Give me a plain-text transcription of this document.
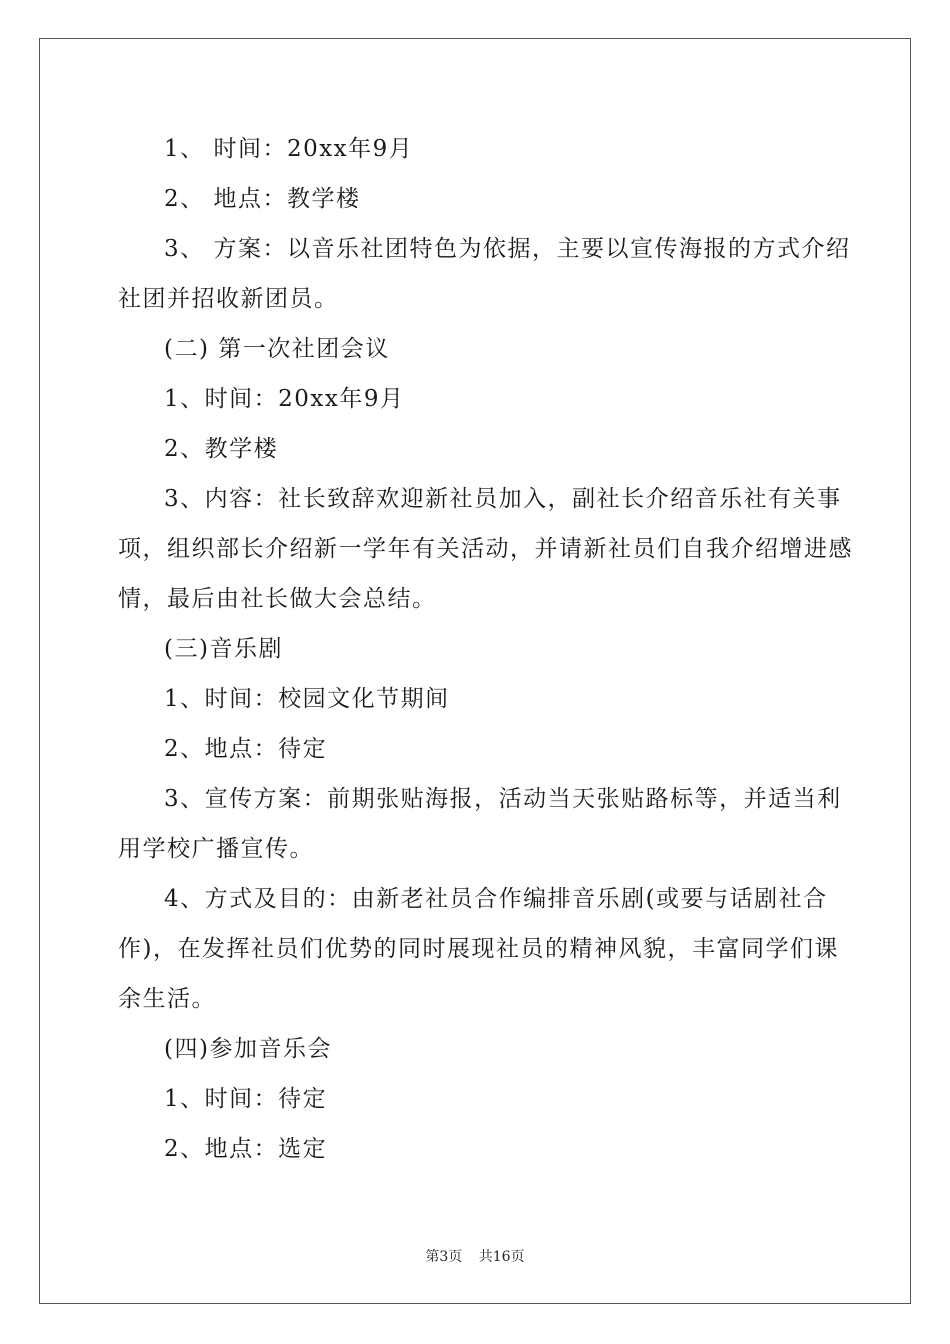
1、 时间：20xx年9月
2、 地点：教学楼
3、 方案：以音乐社团特色为依据，主要以宣传海报的方式介绍
社团并招收新团员。
(二) 第一次社团会议
1、时间：20xx年9月
2、教学楼
3、内容：社长致辞欢迎新社员加入，副社长介绍音乐社有关事
项，组织部长介绍新一学年有关活动，并请新社员们自我介绍增进感
情，最后由社长做大会总结。
(三)音乐剧
1、时间：校园文化节期间
2、地点：待定
3、宣传方案：前期张贴海报，活动当天张贴路标等，并适当利
用学校广播宣传。
4、方式及目的：由新老社员合作编排音乐剧(或要与话剧社合
作)，在发挥社员们优势的同时展现社员的精神风貌，丰富同学们课
余生活。
(四)参加音乐会
1、时间：待定
2、地点：选定
第3页 共16页
